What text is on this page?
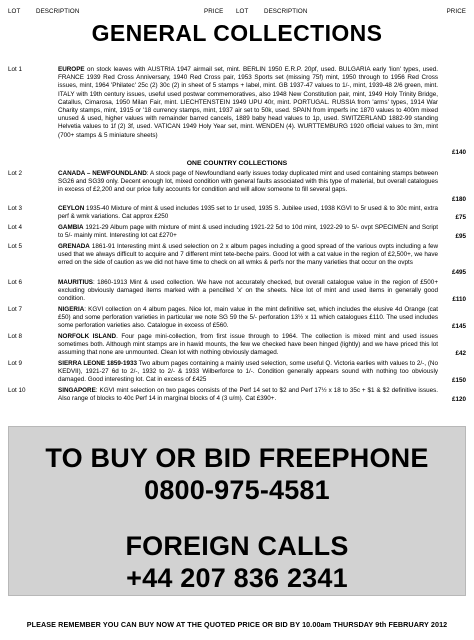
LOT	DESCRIPTION	PRICE LOT	DESCRIPTION	PRICE
GENERAL COLLECTIONS
Lot 1	EUROPE on stock leaves with AUSTRIA 1947 airmail set, mint. BERLIN 1950 E.R.P. 20pf, used. BULGARIA early 'lion' types, used. FRANCE 1939 Red Cross Anniversary, 1940 Red Cross pair, 1953 Sports set (missing 75f) mint, 1950 through to 1956 Red Cross issues, mint, 1964 'Philatec' 25c (2) 30c (2) in sheet of 5 stamps + label, mint. GB 1937-47 values to 1/-, mint, 1939-48 2/6 green, mint. ITALY with 19th century issues, useful used postwar commemoratives, also 1948 New Constitution pair, mint, 1949 Holy Trinity Bridge, Catallus, Cimarosa, 1950 Milan Fair, mint. LIECHTENSTEIN 1949 UPU 40r, mint. PORTUGAL. RUSSIA from 'arms' types, 1914 War Charity stamps, mint, 1915 or '18 currency stamps, mint, 1937 air set to 50k, used. SPAIN from imperfs inc 1870 values to 400m mixed unused & used, higher values with remainder barred cancels, 1889 baby head values to 1p, used. SWITZERLAND 1882-99 standing Helvetia values to 1f (2) 3f, used. VATICAN 1949 Holy Year set, mint. WENDEN (4). WURTTEMBURG 1920 official values to 3m, mint (700+ stamps & 5 miniature sheets)
£140
ONE COUNTRY COLLECTIONS
Lot 2	CANADA – NEWFOUNDLAND: A stock page of Newfoundland early issues today duplicated mint and used containing stamps between SG26 and SG39 only. Decent enough lot, mixed condition with general faults associated with this type of material, but overall catalogues in excess of £2,200 and our price fully accounts for condition and will allow someone to fill several gaps.
£180
Lot 3	CEYLON 1935-40 Mixture of mint & used includes 1935 set to 1r used, 1935 S. Jubilee used, 1938 KGVI to 5r used & to 30c mint, extra perf & wmk variations. Cat approx £250	£75
Lot 4	GAMBIA 1921-29 Album page with mixture of mint & used including 1921-22 5d to 10d mint, 1922-29 to 5/- ovpt SPECIMEN and Script to 5/- mainly mint. Interesting lot cat £270+	£95
Lot 5	GRENADA 1861-91 Interesting mint & used selection on 2 x album pages including a good spread of the various ovpts including a few used that we always difficult to acquire and 7 different mint tete-beche pairs. Good lot with a cat value in the region of £2,500+, we have erred on the side of caution as we did not have time to check on all wmks & perfs nor the many varieties that occur on the ovpts
£495
Lot 6	MAURITIUS: 1860-1913 Mint & used collection. We have not accurately checked, but overall catalogue value in the region of £500+ excluding obviously damaged items marked with a pencilled 'x' on the sheets. Nice lot of mint and used items in generally good condition.	£110
Lot 7	NIGERIA: KGVI collection on 4 album pages. Nice lot, main value in the mint definitive set, which includes the elusive 4d Orange (cat £50) and some perforation varieties in particular we note SG 59 the 5/- perforation 13½ x 11 which catalogues £110. The used includes some perforation varieties also. Catalogue in excess of £560.	£145
Lot 8	NORFOLK ISLAND. Four page mini-collection, from first issue through to 1964. The collection is mixed mint and used issues sometimes both. Although mint stamps are in hawid mounts, the few we checked have been hinged (lightly) and we have priced this lot assuming that none are unmounted. Clean lot with nothing obviously damaged.	£42
Lot 9	SIERRA LEONE 1859-1933 Two album pages containing a mainly used selection, some useful Q. Victoria earlies with values to 2/-, (No KEDVII), 1921-27 6d to 2/-, 1932 to 2/- & 1933 Wilberforce to 1/-. Condition generally appears sound with nothing too obviously damaged. Good interesting lot. Cat in excess of £425	£150
Lot 10	SINGAPORE: KGVI mint selection on two pages consists of the Perf 14 set to $2 and Perf 17½ x 18 to 35c + $1 & $2 definitive issues. Also range of blocks to 40c Perf 14 in marginal blocks of 4 (3 u/m). Cat £390+.	£120
TO BUY OR BID FREEPHONE
0800-975-4581
FOREIGN CALLS
+44 207 836 2341
PLEASE REMEMBER YOU CAN BUY NOW AT THE QUOTED PRICE OR BID BY 10.00am THURSDAY 9th FEBRUARY 2012
